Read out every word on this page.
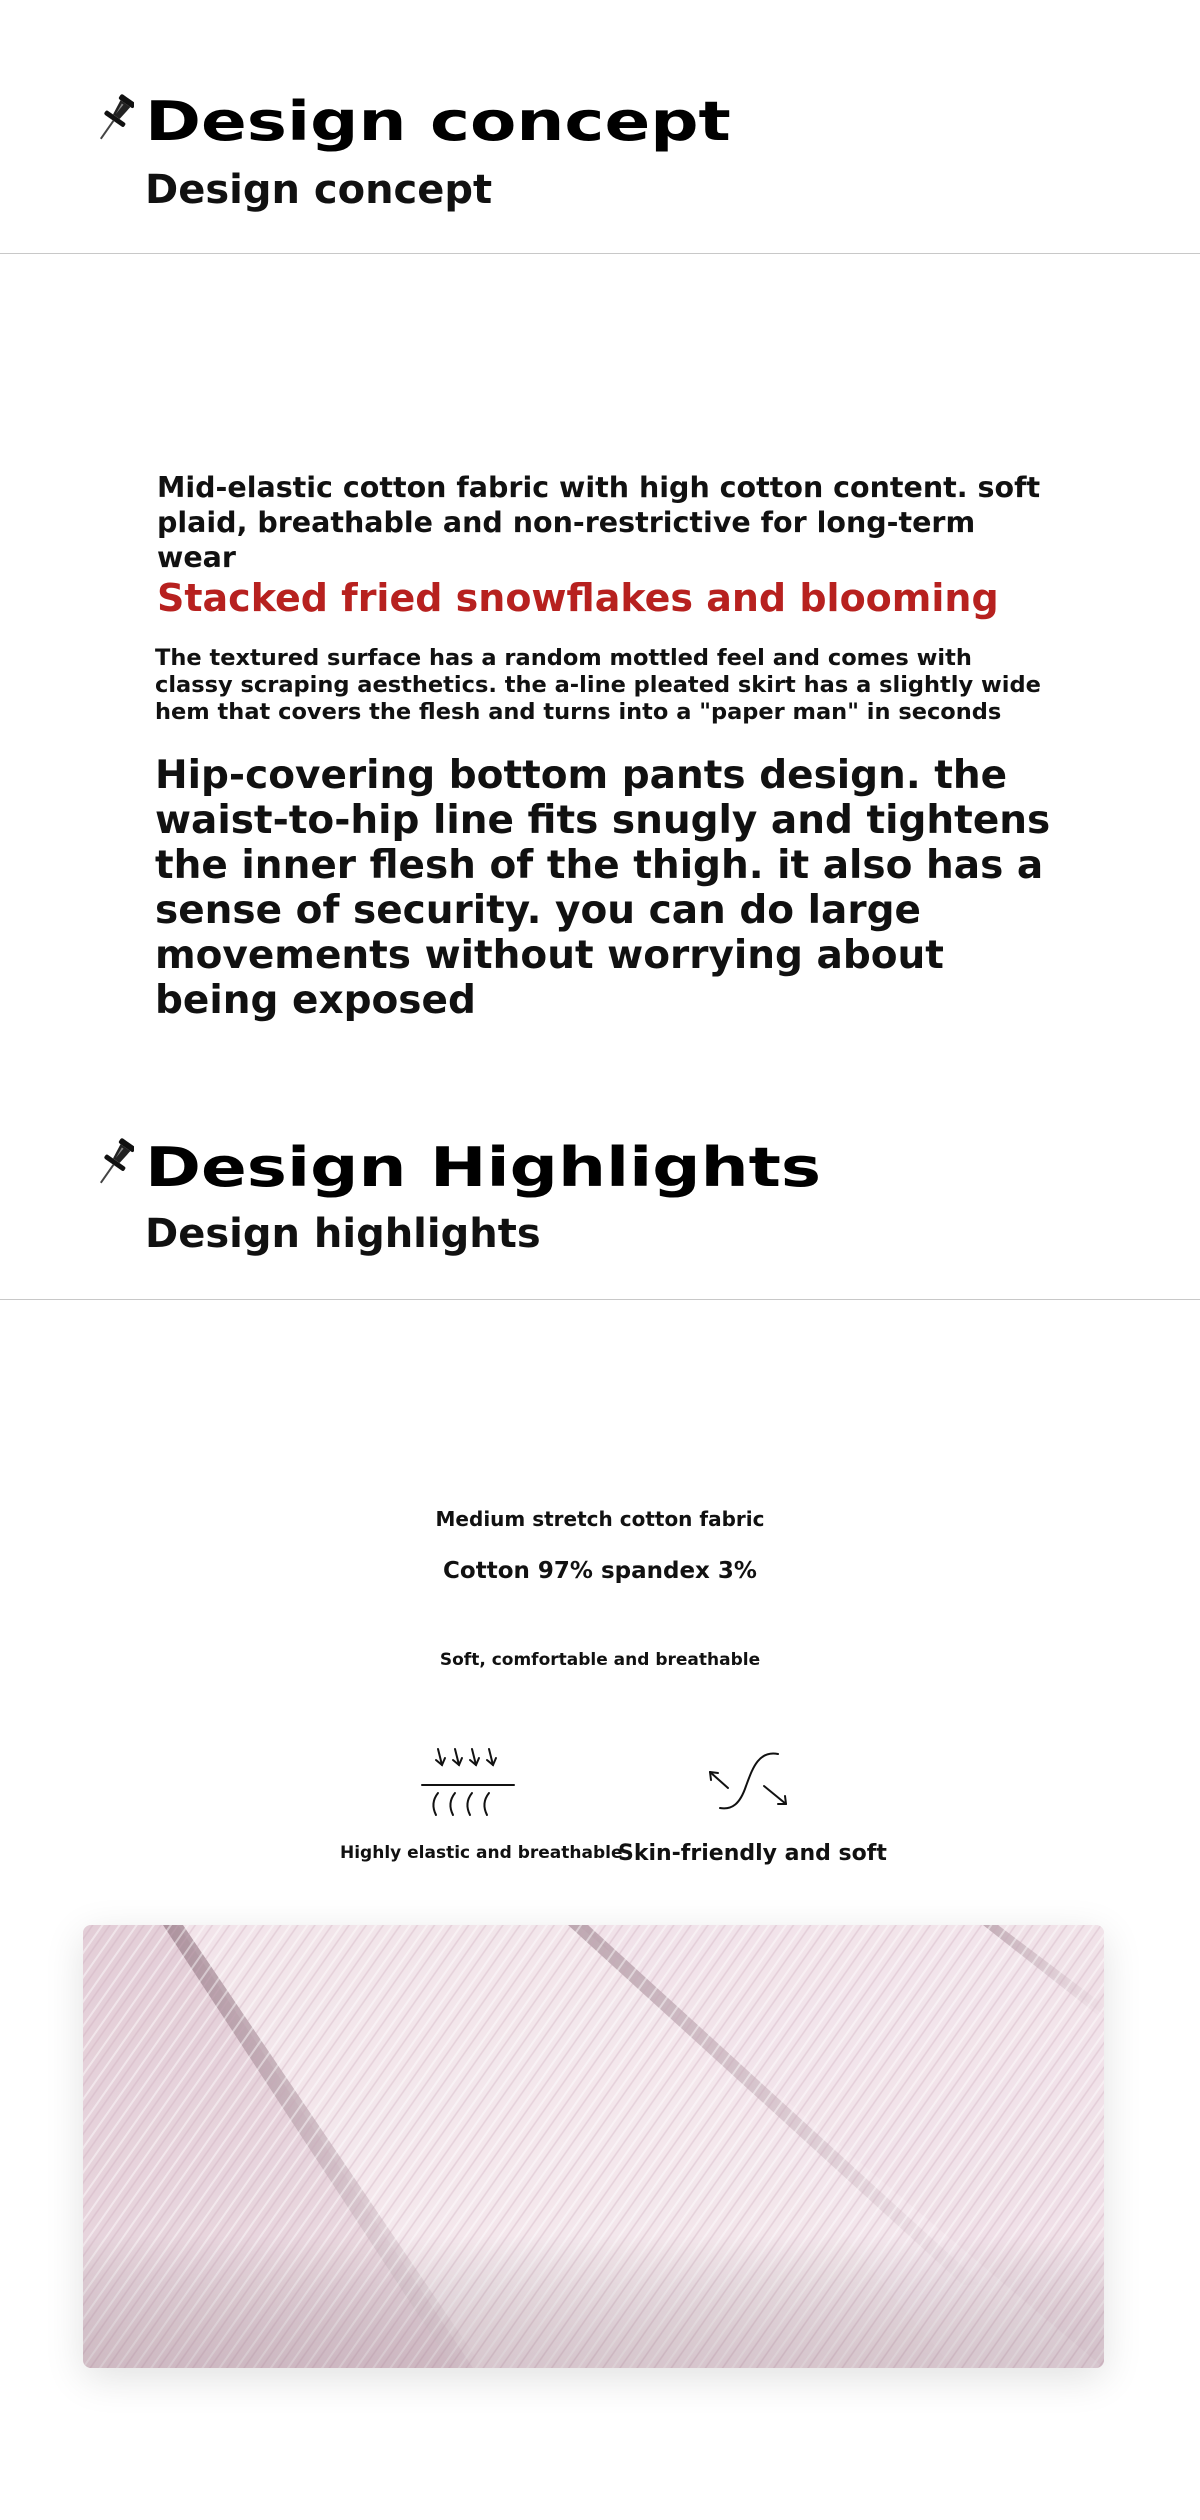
Design concept
Design concept
Mid-elastic cotton fabric with high cotton content. soft plaid, breathable and non-restrictive for long-term wear
Stacked fried snowflakes and blooming
The textured surface has a random mottled feel and comes with classy scraping aesthetics. the a-line pleated skirt has a slightly wide hem that covers the flesh and turns into a "paper man" in seconds
Hip-covering bottom pants design. the waist-to-hip line fits snugly and tightens the inner flesh of the thigh. it also has a sense of security. you can do large movements without worrying about being exposed
Design Highlights
Design highlights
Medium stretch cotton fabric
Cotton 97% spandex 3%
Soft, comfortable and breathable
Highly elastic and breathable
Skin-friendly and soft
